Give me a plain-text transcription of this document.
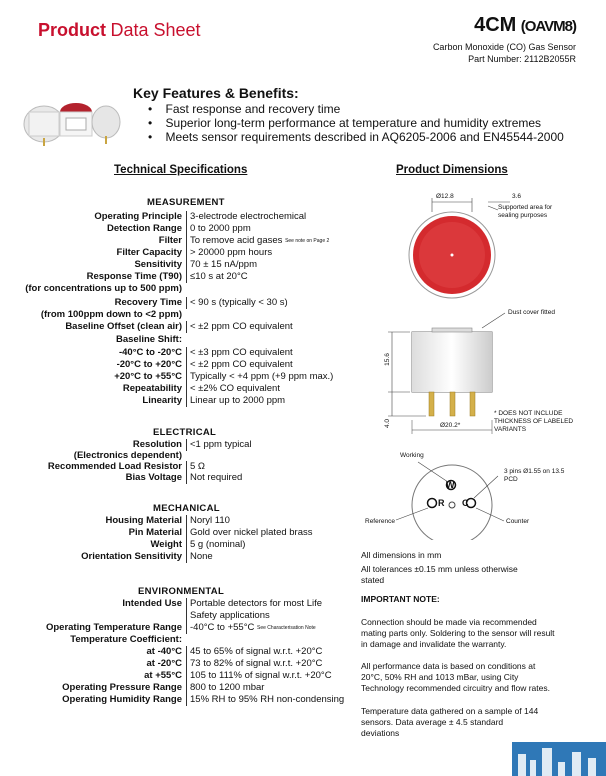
Product Data Sheet	4CM (OAVM8)
Carbon Monoxide (CO) Gas Sensor
Part Number: 2112B2055R
Key Features & Benefits:
•    Fast response and recovery time
•    Superior long-term performance at temperature and humidity extremes
•    Meets sensor requirements described in AQ6205-2006 and EN45544-2000
Technical Specifications	Product Dimensions
MEASUREMENT
Operating Principle 3-electrode electrochemical
Detection Range 0 to 2000 ppm
Filter To remove acid gases $^{See note on Page 2}$
Filter Capacity > 20000 ppm hours
Sensitivity 70 ± 15 nA/ppm
Response Time (T90) ≤10 s at 20°C
(for concentrations up to 500 ppm)
Recovery Time < 90 s (typically < 30 s)
(from 100ppm down to <2 ppm)
Baseline Offset (clean air) < ±2 ppm CO equivalent
Baseline Shift:
-40°C to -20°C < ±3 ppm CO equivalent
-20°C to +20°C < ±2 ppm CO equivalent
+20°C to +55°C Typically < +4 ppm (+9 ppm max.)
Repeatability < ±2% CO equivalent
Linearity Linear up to 2000 ppm
ELECTRICAL
Resolution <1 ppm typical
(Electronics dependent)
Recommended Load Resistor 5 Ω
Bias Voltage Not required
MECHANICAL
Housing Material Noryl 110
Pin Material Gold over nickel plated brass
Weight 5 g (nominal)
Orientation Sensitivity None
ENVIRONMENTAL
Intended Use Portable detectors for most Life
Safety applications
Operating Temperature Range -40°C to +55°C $^{See Characterisation Note}$
Temperature Coefficient:
at -40°C 45 to 65% of signal w.r.t. +20°C
at -20°C 73 to 82% of signal w.r.t. +20°C
at +55°C 105 to 111% of signal w.r.t. +20°C
Operating Pressure Range 800 to 1200 mbar
Operating Humidity Range 15% RH to 95% RH non-condensing
Ø12.8	3.6
Supported area for sealing purposes
Dust cover fitted
15.6
4.0	Ø20.2*
* DOES NOT INCLUDE THICKNESS OF LABELED VARIANTS
Working
3 pins Ø1.55 on 13.5 PCD
Reference	Counter
W
R C
All dimensions in mm
All tolerances ±0.15 mm unless otherwise stated
IMPORTANT NOTE:
Connection should be made via recommended mating parts only. Soldering to the sensor will result in damage and invalidate the warranty.
All performance data is based on conditions at 20°C, 50% RH and 1013 mBar, using City Technology recommended circuitry and flow rates.
Temperature data gathered on a sample of 144 sensors. Data average ± 4.5 standard deviations
